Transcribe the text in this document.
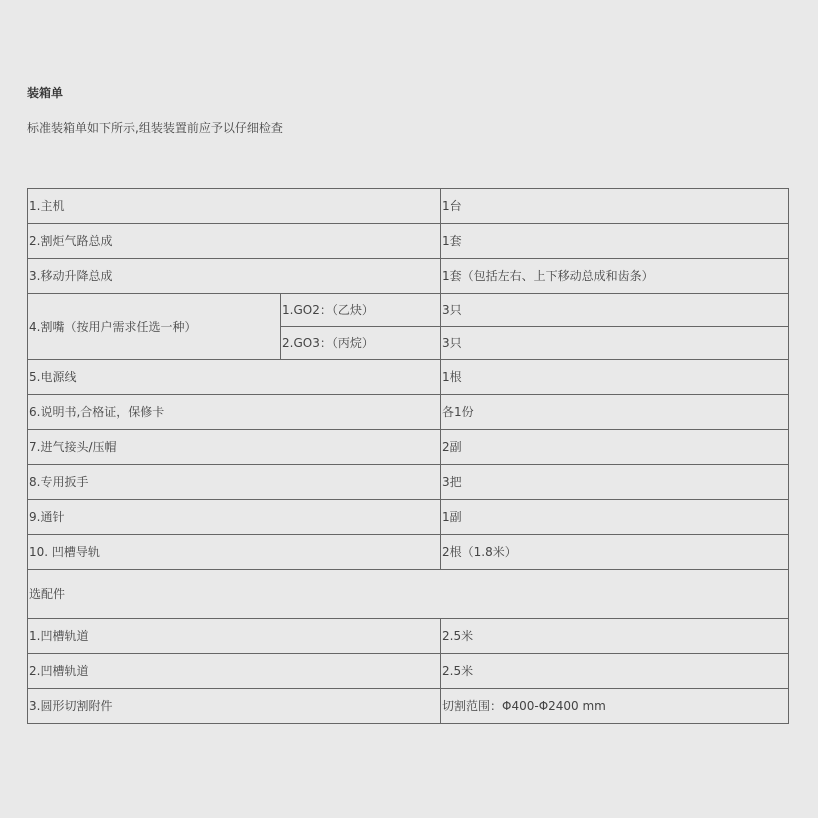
装箱单
标准装箱单如下所示,组装装置前应予以仔细检查
1.主机		1台
2.割炬气路总成		1套
3.移动升降总成		1套（包括左右、上下移动总成和齿条）
4.割嘴（按用户需求任选一种）	1.GO2：（乙炔）	3只
	2.GO3：（丙烷）	3只
5.电源线		1根
6.说明书,合格证，保修卡		各1份
7.进气接头/压帽		2副
8.专用扳手		3把
9.通针		1副
10. 凹槽导轨		2根（1.8米）
选配件		
1.凹槽轨道		2.5米
2.凹槽轨道		2.5米
3.圆形切割附件		切割范围：Φ400-Φ2400 mm
